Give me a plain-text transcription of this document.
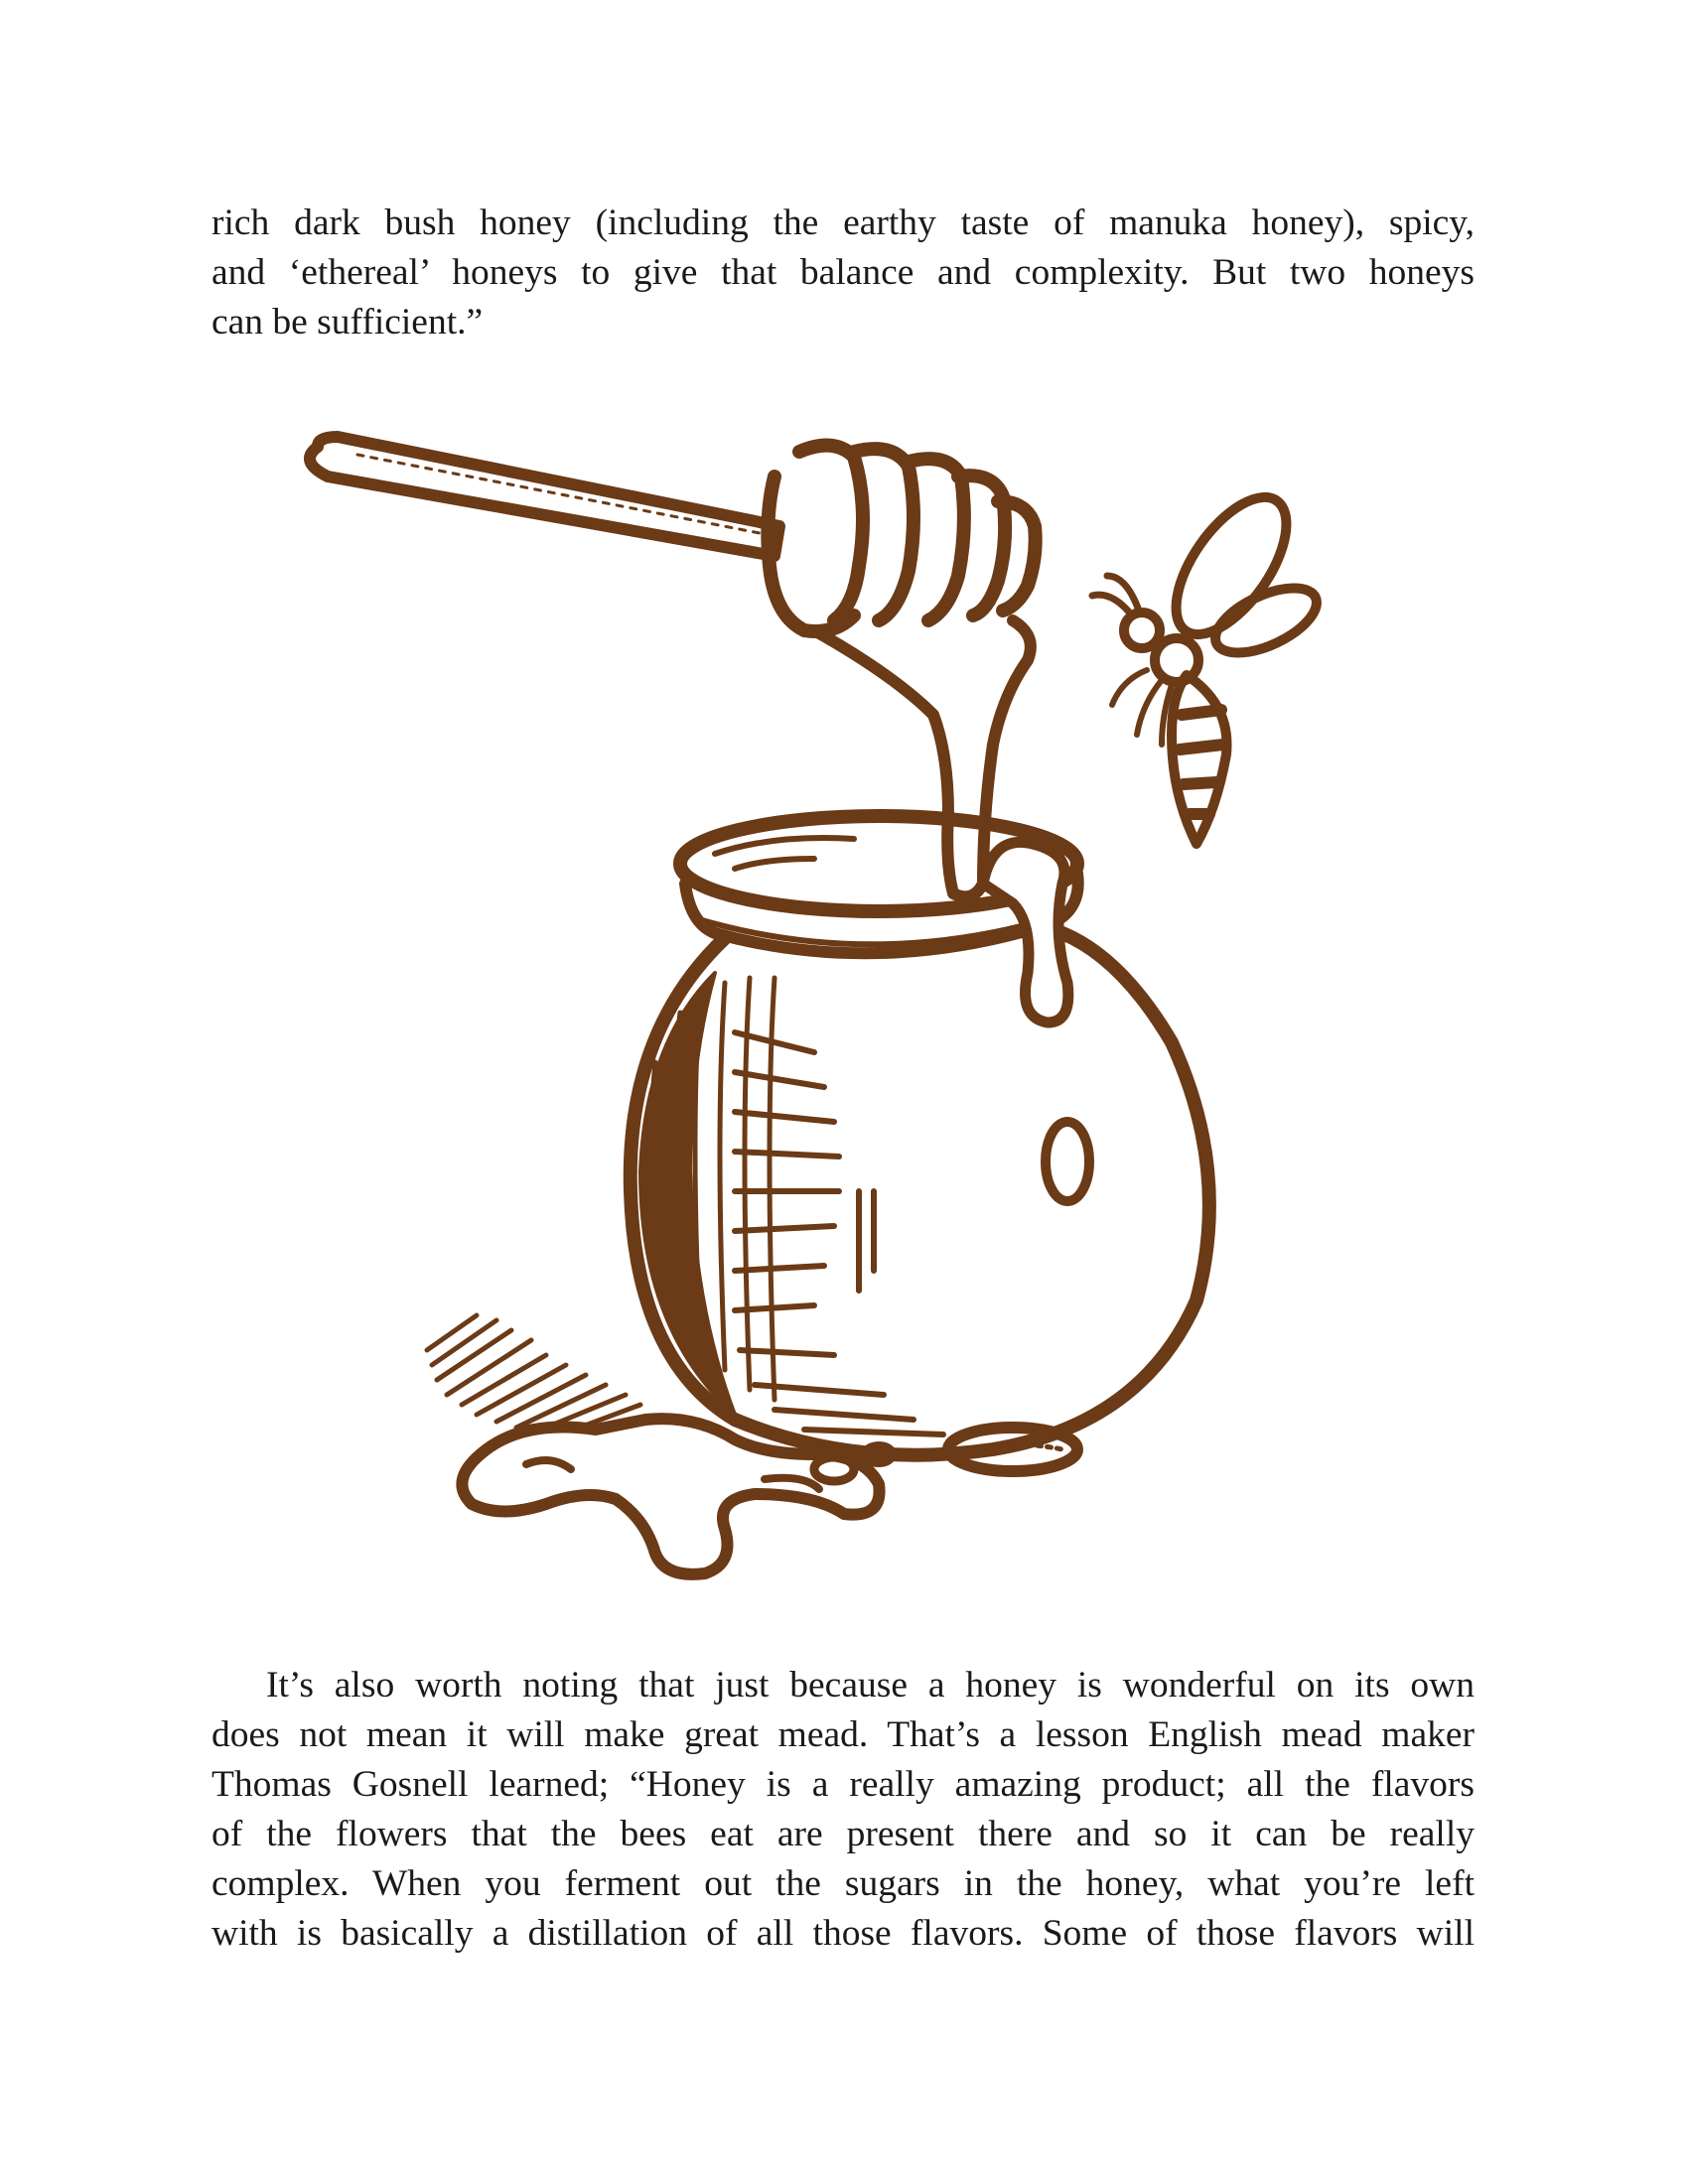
rich dark bush honey (including the earthy taste of manuka honey), spicy,
and ‘ethereal’ honeys to give that balance and complexity. But two honeys
can be sufficient.”
It’s also worth noting that just because a honey is wonderful on its own
does not mean it will make great mead. That’s a lesson English mead maker
Thomas Gosnell learned; “Honey is a really amazing product; all the flavors
of the flowers that the bees eat are present there and so it can be really
complex. When you ferment out the sugars in the honey, what you’re left
with is basically a distillation of all those flavors. Some of those flavors will
